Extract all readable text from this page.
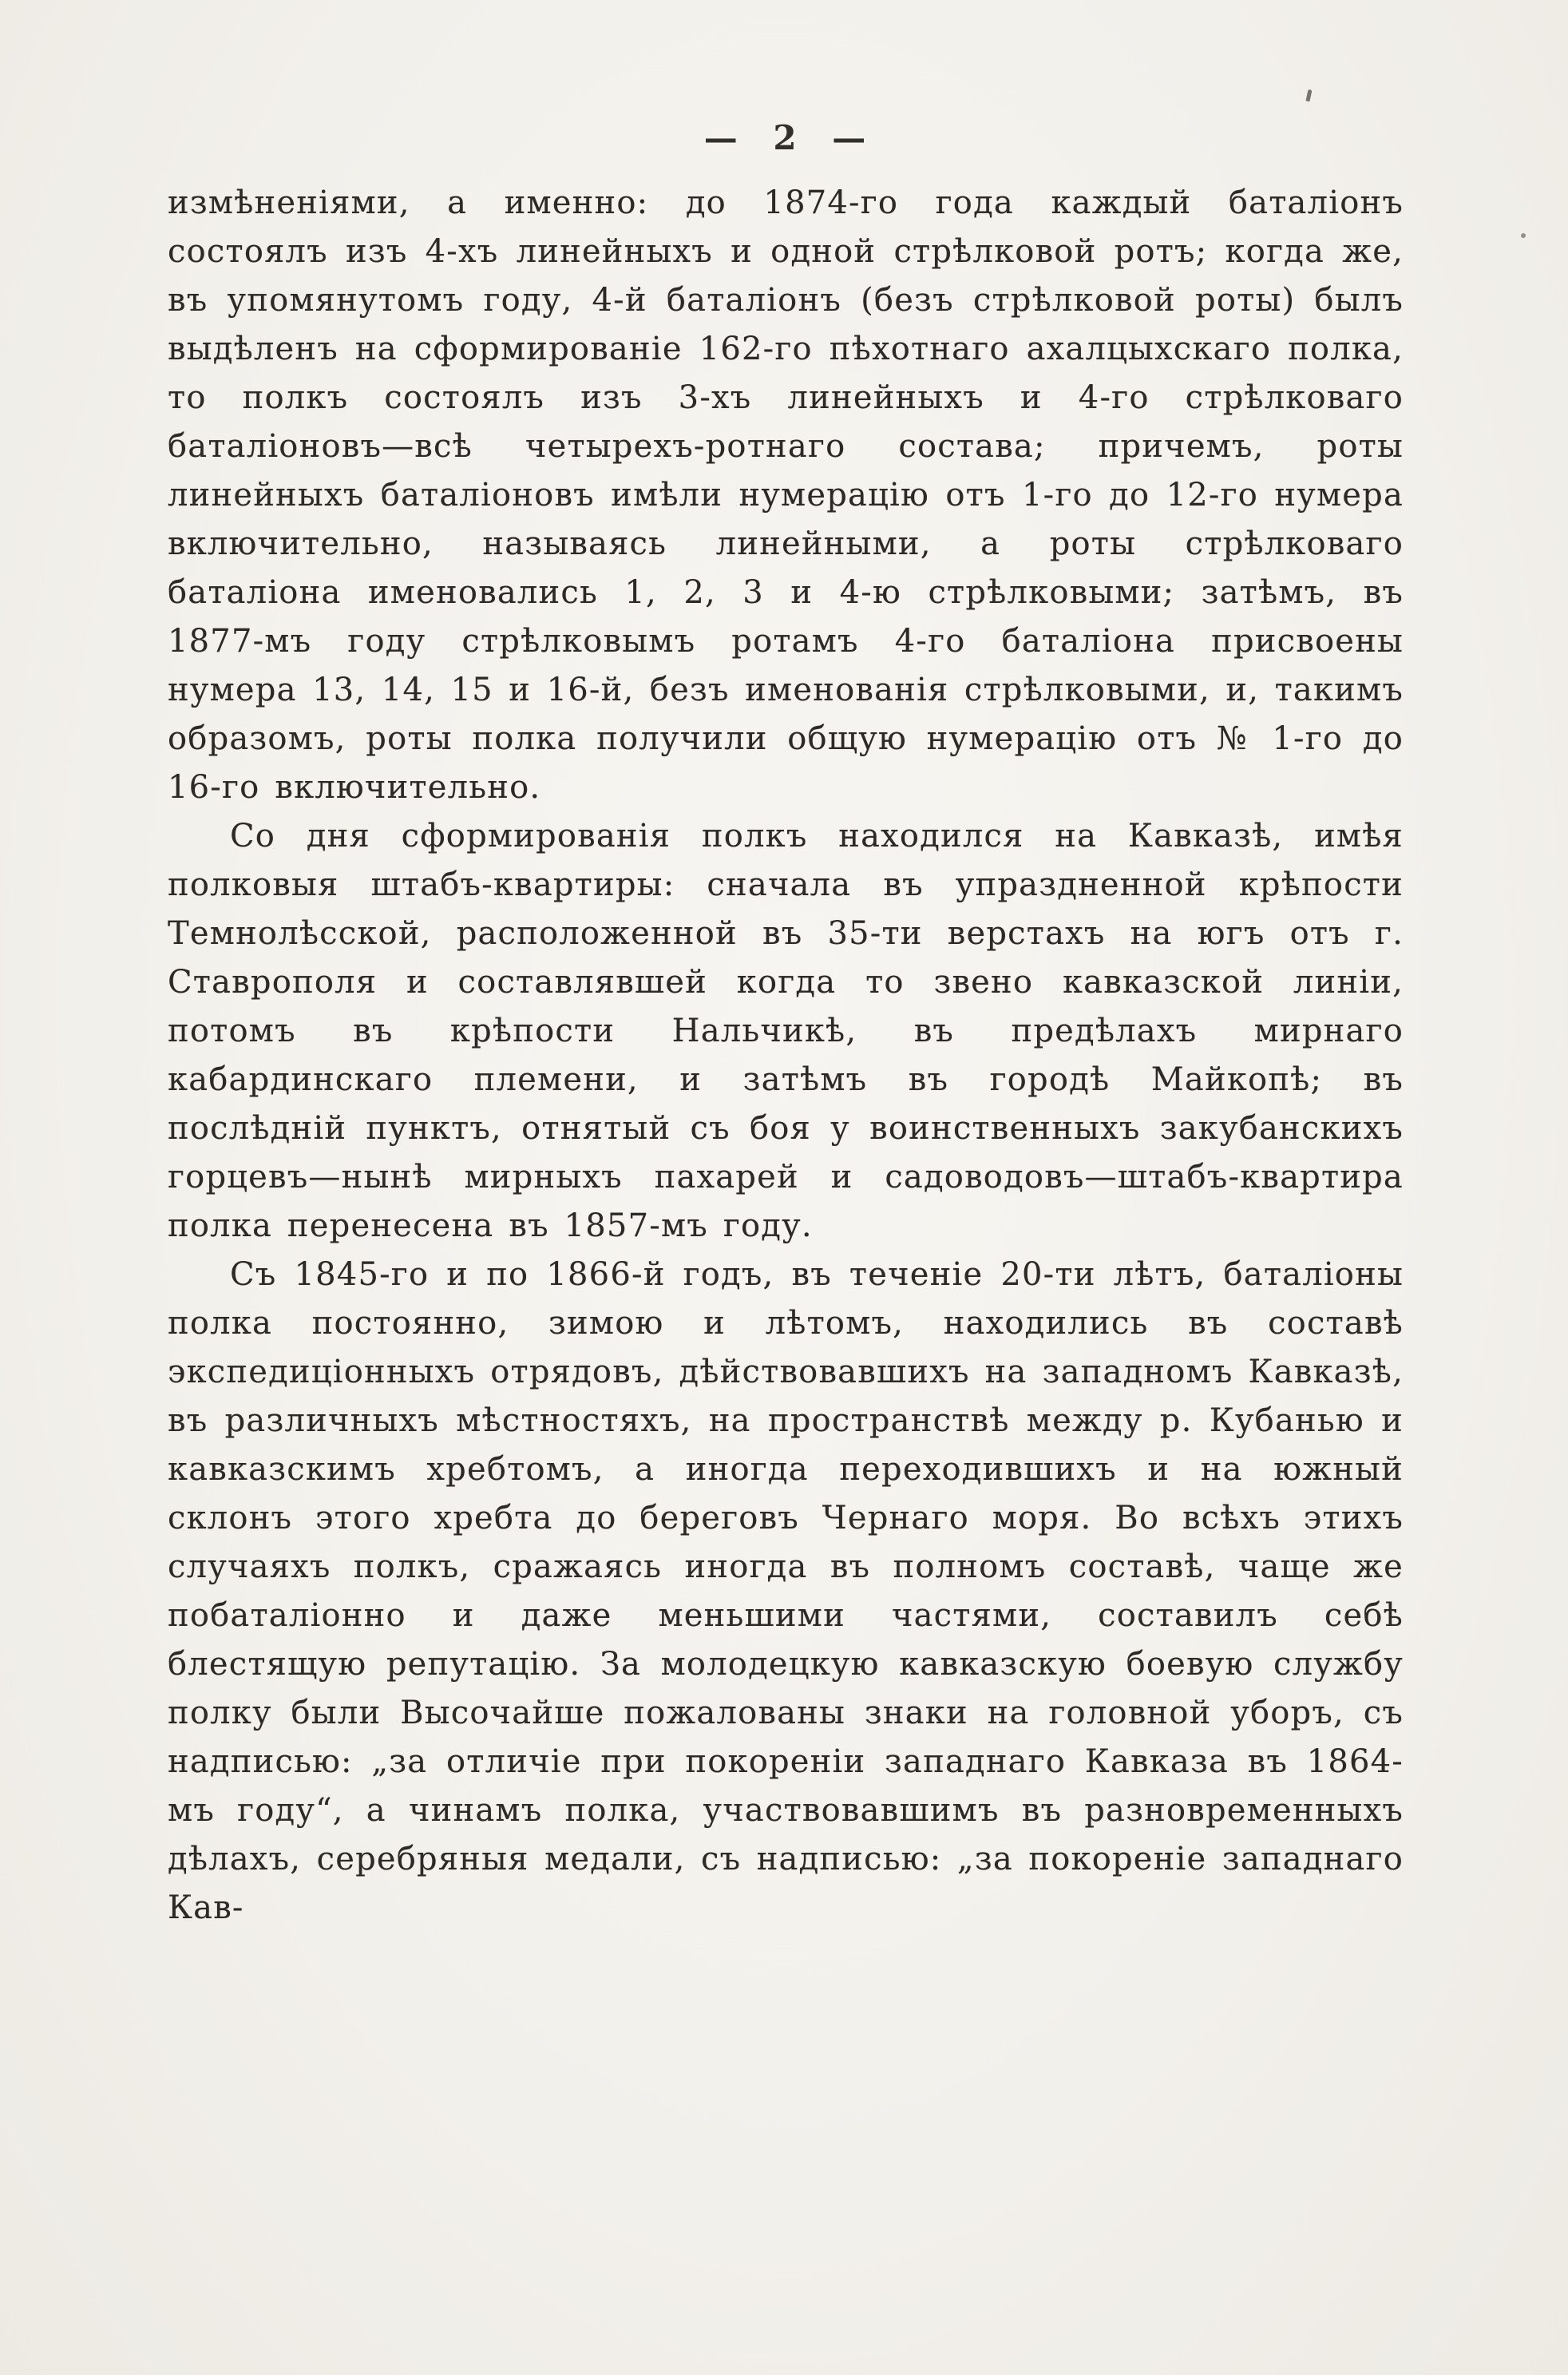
— 2 —

измѣненіями, а именно: до 1874-го года каждый баталіонъ состоялъ изъ 4-хъ линейныхъ и одной стрѣлковой ротъ; когда же, въ упомянутомъ году, 4-й баталіонъ (безъ стрѣлковой роты) былъ выдѣленъ на сформированіе 162-го пѣхотнаго ахалцыхскаго полка, то полкъ состоялъ изъ 3-хъ линейныхъ и 4-го стрѣлковаго баталіоновъ—всѣ четырехъ-ротнаго состава; причемъ, роты линейныхъ баталіоновъ имѣли нумерацію отъ 1-го до 12-го нумера включительно, называясь линейными, а роты стрѣлковаго баталіона именовались 1, 2, 3 и 4-ю стрѣлковыми; затѣмъ, въ 1877-мъ году стрѣлковымъ ротамъ 4-го баталіона присвоены нумера 13, 14, 15 и 16-й, безъ именованія стрѣлковыми, и, такимъ образомъ, роты полка получили общую нумерацію отъ № 1-го до 16-го включительно.

Со дня сформированія полкъ находился на Кавказѣ, имѣя полковыя штабъ-квартиры: сначала въ упраздненной крѣпости Темнолѣсской, расположенной въ 35-ти верстахъ на югъ отъ г. Ставрополя и составлявшей когда то звено кавказской линіи, потомъ въ крѣпости Нальчикѣ, въ предѣлахъ мирнаго кабардинскаго племени, и затѣмъ въ городѣ Майкопѣ; въ послѣдній пунктъ, отнятый съ боя у воинственныхъ закубанскихъ горцевъ—нынѣ мирныхъ пахарей и садоводовъ—штабъ-квартира полка перенесена въ 1857-мъ году.

Съ 1845-го и по 1866-й годъ, въ теченіе 20-ти лѣтъ, баталіоны полка постоянно, зимою и лѣтомъ, находились въ составѣ экспедиціонныхъ отрядовъ, дѣйствовавшихъ на западномъ Кавказѣ, въ различныхъ мѣстностяхъ, на пространствѣ между р. Кубанью и кавказскимъ хребтомъ, а иногда переходившихъ и на южный склонъ этого хребта до береговъ Чернаго моря. Во всѣхъ этихъ случаяхъ полкъ, сражаясь иногда въ полномъ составѣ, чаще же побаталіонно и даже меньшими частями, составилъ себѣ блестящую репутацію. За молодецкую кавказскую боевую службу полку были Высочайше пожалованы знаки на головной уборъ, съ надписью: „за отличіе при покореніи западнаго Кавказа въ 1864-мъ году“, а чинамъ полка, участвовавшимъ въ разновременныхъ дѣлахъ, серебряныя медали, съ надписью: „за покореніе западнаго Кав-
